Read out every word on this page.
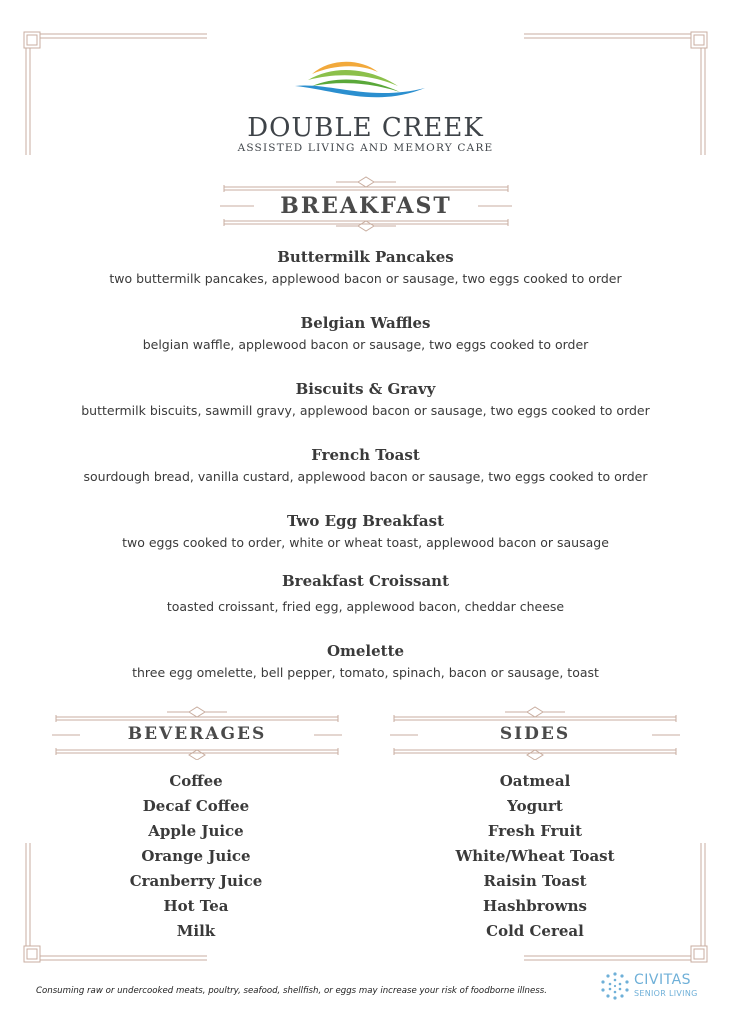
DOUBLE CREEK
ASSISTED LIVING AND MEMORY CARE
BREAKFAST
Buttermilk Pancakes
two buttermilk pancakes, applewood bacon or sausage, two eggs cooked to order
Belgian Waffles
belgian waffle, applewood bacon or sausage, two eggs cooked to order
Biscuits & Gravy
buttermilk biscuits, sawmill gravy, applewood bacon or sausage, two eggs cooked to order
French Toast
sourdough bread, vanilla custard, applewood bacon or sausage, two eggs cooked to order
Two Egg Breakfast
two eggs cooked to order, white or wheat toast, applewood bacon or sausage
Breakfast Croissant
toasted croissant, fried egg, applewood bacon, cheddar cheese
Omelette
three egg omelette, bell pepper, tomato, spinach, bacon or sausage, toast
BEVERAGES	SIDES
Coffee
Decaf Coffee
Apple Juice
Orange Juice
Cranberry Juice
Hot Tea
Milk
Oatmeal
Yogurt
Fresh Fruit
White/Wheat Toast
Raisin Toast
Hashbrowns
Cold Cereal
Consuming raw or undercooked meats, poultry, seafood, shellfish, or eggs may increase your risk of foodborne illness.
CIVITAS
SENIOR LIVING
